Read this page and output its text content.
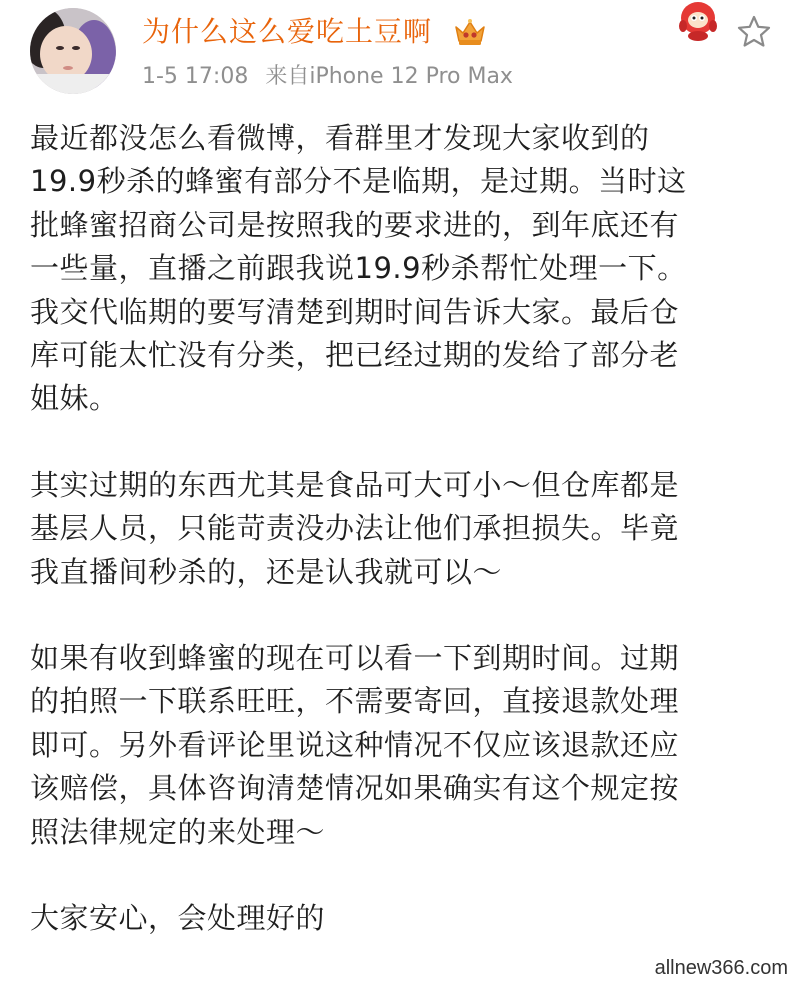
为什么这么爱吃土豆啊
1-5 17:08 来自iPhone 12 Pro Max

最近都没怎么看微博，看群里才发现大家收到的
19.9秒杀的蜂蜜有部分不是临期，是过期。当时这
批蜂蜜招商公司是按照我的要求进的，到年底还有
一些量，直播之前跟我说19.9秒杀帮忙处理一下。
我交代临期的要写清楚到期时间告诉大家。最后仓
库可能太忙没有分类，把已经过期的发给了部分老
姐妹。

其实过期的东西尤其是食品可大可小～但仓库都是
基层人员，只能苛责没办法让他们承担损失。毕竟
我直播间秒杀的，还是认我就可以～

如果有收到蜂蜜的现在可以看一下到期时间。过期
的拍照一下联系旺旺，不需要寄回，直接退款处理
即可。另外看评论里说这种情况不仅应该退款还应
该赔偿，具体咨询清楚情况如果确实有这个规定按
照法律规定的来处理～

大家安心，会处理好的

allnew366.com
